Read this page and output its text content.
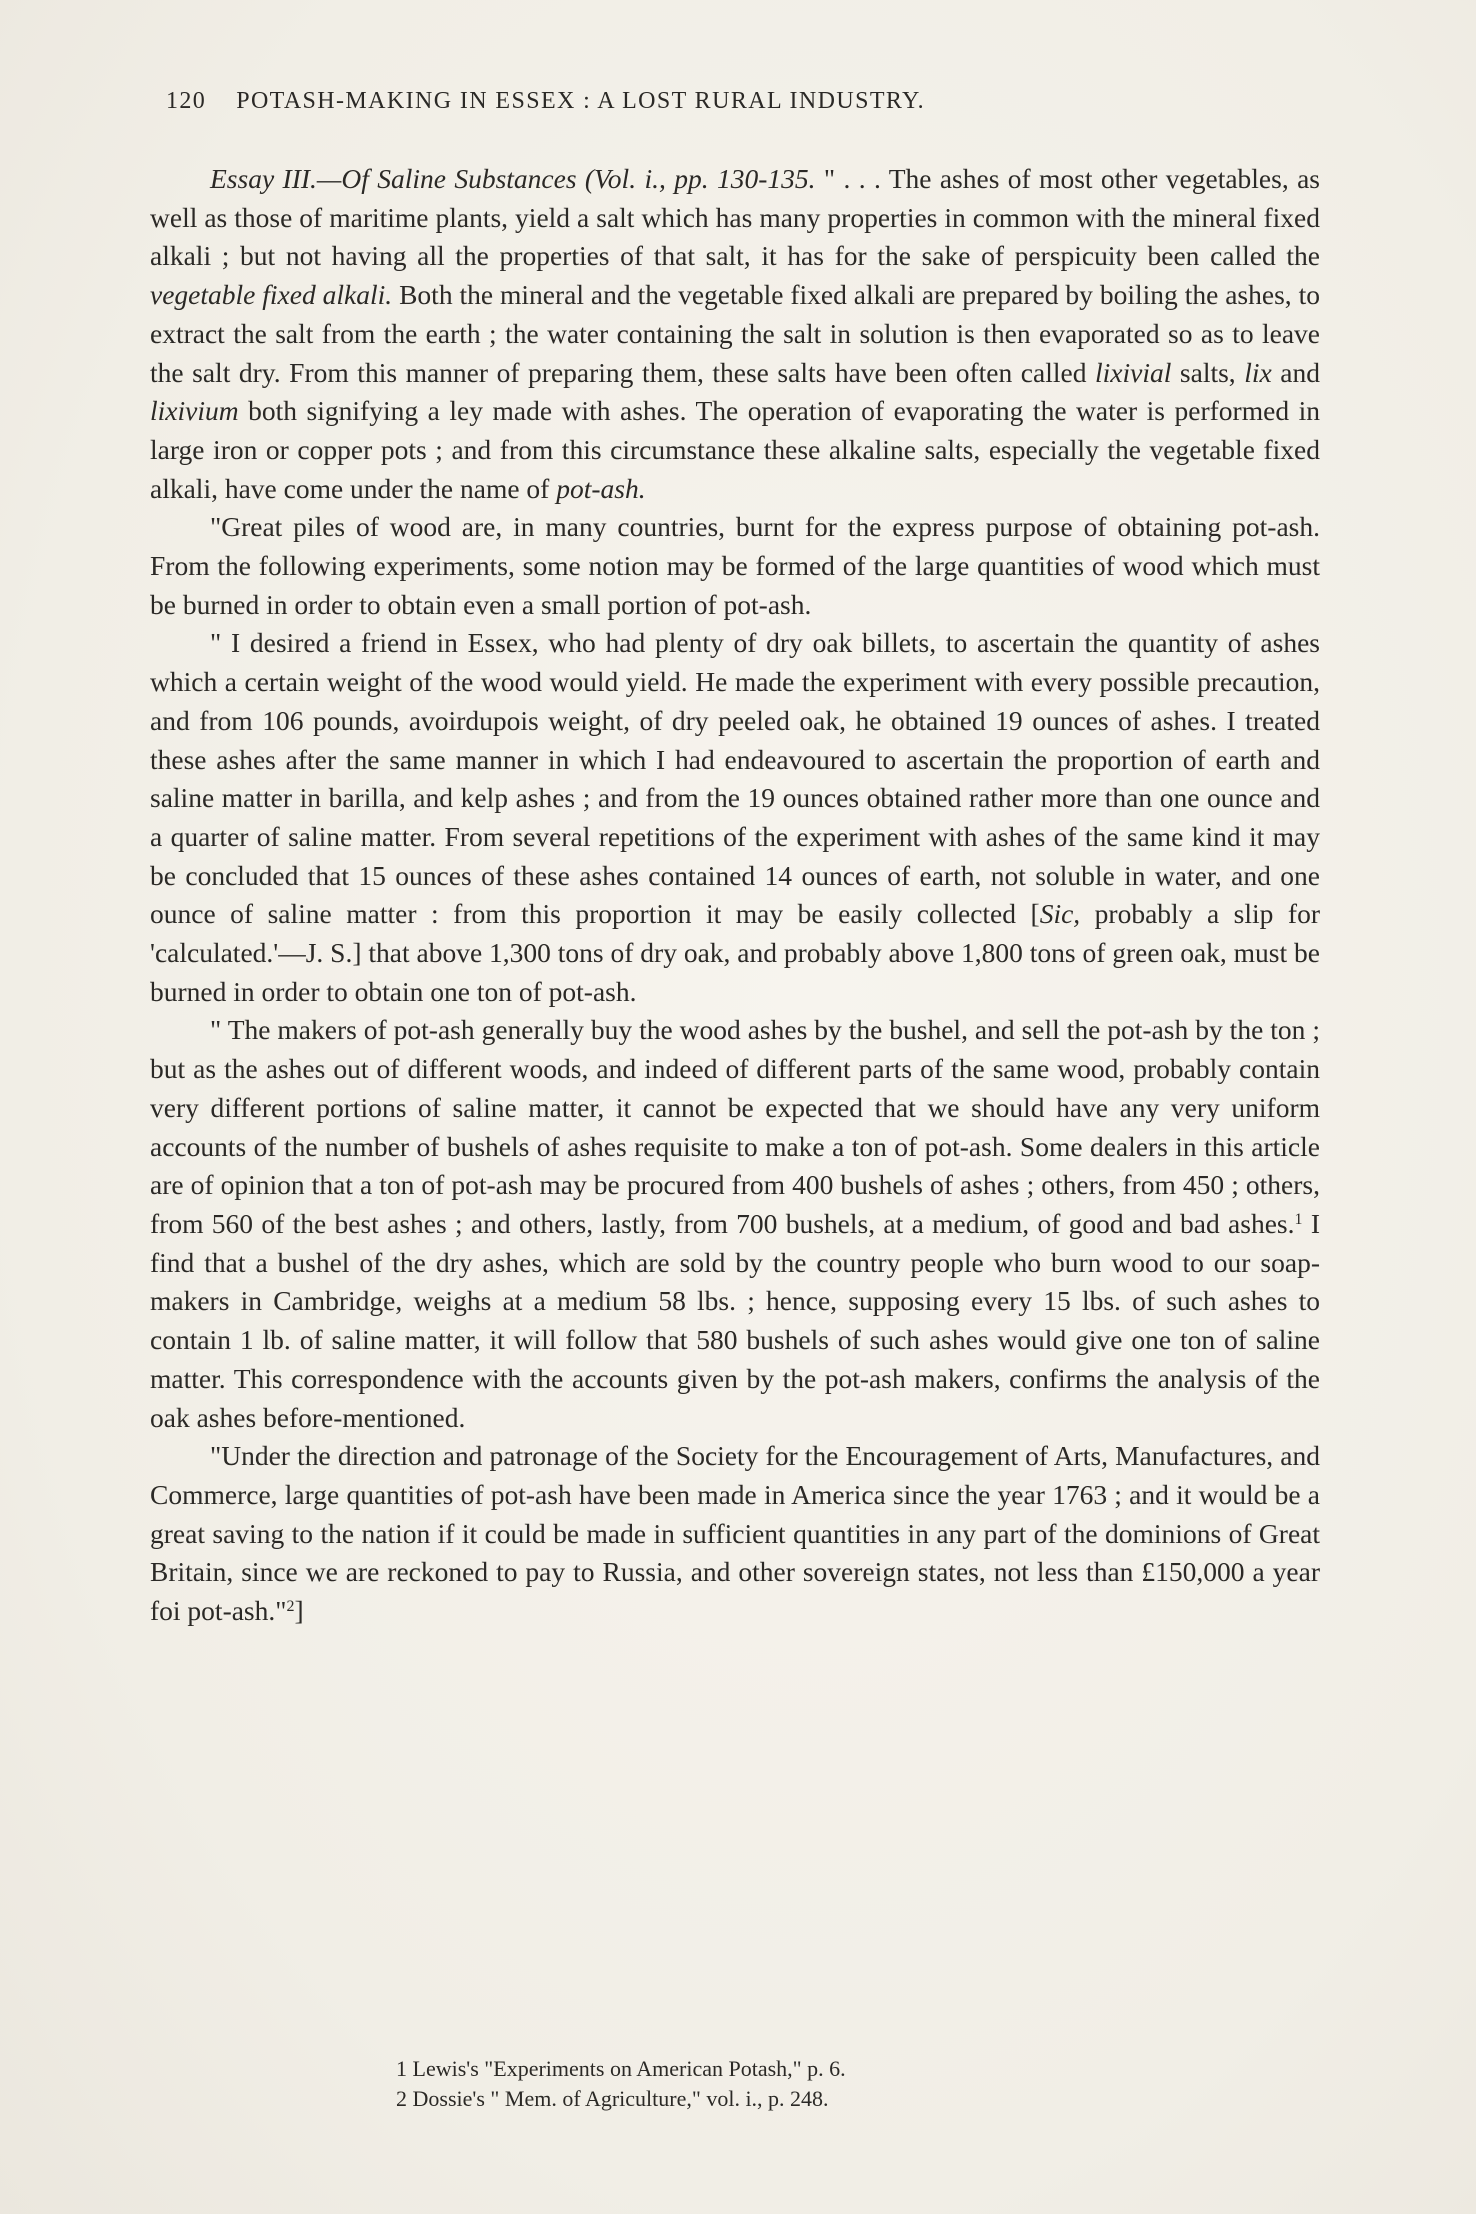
120 POTASH-MAKING IN ESSEX : A LOST RURAL INDUSTRY.

Essay III.—Of Saline Substances (Vol. i., pp. 130-135. " . . . The ashes of most other vegetables, as well as those of maritime plants, yield a salt which has many properties in common with the mineral fixed alkali ; but not having all the properties of that salt, it has for the sake of perspicuity been called the vegetable fixed alkali. Both the mineral and the vegetable fixed alkali are prepared by boiling the ashes, to extract the salt from the earth ; the water containing the salt in solution is then evaporated so as to leave the salt dry. From this manner of preparing them, these salts have been often called lixivial salts, lix and lixivium both signifying a ley made with ashes. The operation of evaporating the water is performed in large iron or copper pots ; and from this circumstance these alkaline salts, especially the vegetable fixed alkali, have come under the name of pot-ash.

"Great piles of wood are, in many countries, burnt for the express purpose of obtaining pot-ash. From the following experiments, some notion may be formed of the large quantities of wood which must be burned in order to obtain even a small portion of pot-ash.

" I desired a friend in Essex, who had plenty of dry oak billets, to ascertain the quantity of ashes which a certain weight of the wood would yield. He made the experiment with every possible precaution, and from 106 pounds, avoirdupois weight, of dry peeled oak, he obtained 19 ounces of ashes. I treated these ashes after the same manner in which I had endeavoured to ascertain the proportion of earth and saline matter in barilla, and kelp ashes ; and from the 19 ounces obtained rather more than one ounce and a quarter of saline matter. From several repetitions of the experiment with ashes of the same kind it may be concluded that 15 ounces of these ashes contained 14 ounces of earth, not soluble in water, and one ounce of saline matter : from this proportion it may be easily collected [Sic, probably a slip for 'calculated.'—J. S.] that above 1,300 tons of dry oak, and probably above 1,800 tons of green oak, must be burned in order to obtain one ton of pot-ash.

" The makers of pot-ash generally buy the wood ashes by the bushel, and sell the pot-ash by the ton ; but as the ashes out of different woods, and indeed of different parts of the same wood, probably contain very different portions of saline matter, it cannot be expected that we should have any very uniform accounts of the number of bushels of ashes requisite to make a ton of pot-ash. Some dealers in this article are of opinion that a ton of pot-ash may be procured from 400 bushels of ashes ; others, from 450 ; others, from 560 of the best ashes ; and others, lastly, from 700 bushels, at a medium, of good and bad ashes.$^1$ I find that a bushel of the dry ashes, which are sold by the country people who burn wood to our soap-makers in Cambridge, weighs at a medium 58 lbs. ; hence, supposing every 15 lbs. of such ashes to contain 1 lb. of saline matter, it will follow that 580 bushels of such ashes would give one ton of saline matter. This correspondence with the accounts given by the pot-ash makers, confirms the analysis of the oak ashes before-mentioned.

"Under the direction and patronage of the Society for the Encouragement of Arts, Manufactures, and Commerce, large quantities of pot-ash have been made in America since the year 1763 ; and it would be a great saving to the nation if it could be made in sufficient quantities in any part of the dominions of Great Britain, since we are reckoned to pay to Russia, and other sovereign states, not less than £150,000 a year foi pot-ash."$^2$]

1 Lewis's "Experiments on American Potash," p. 6.
2 Dossie's " Mem. of Agriculture," vol. i., p. 248.
